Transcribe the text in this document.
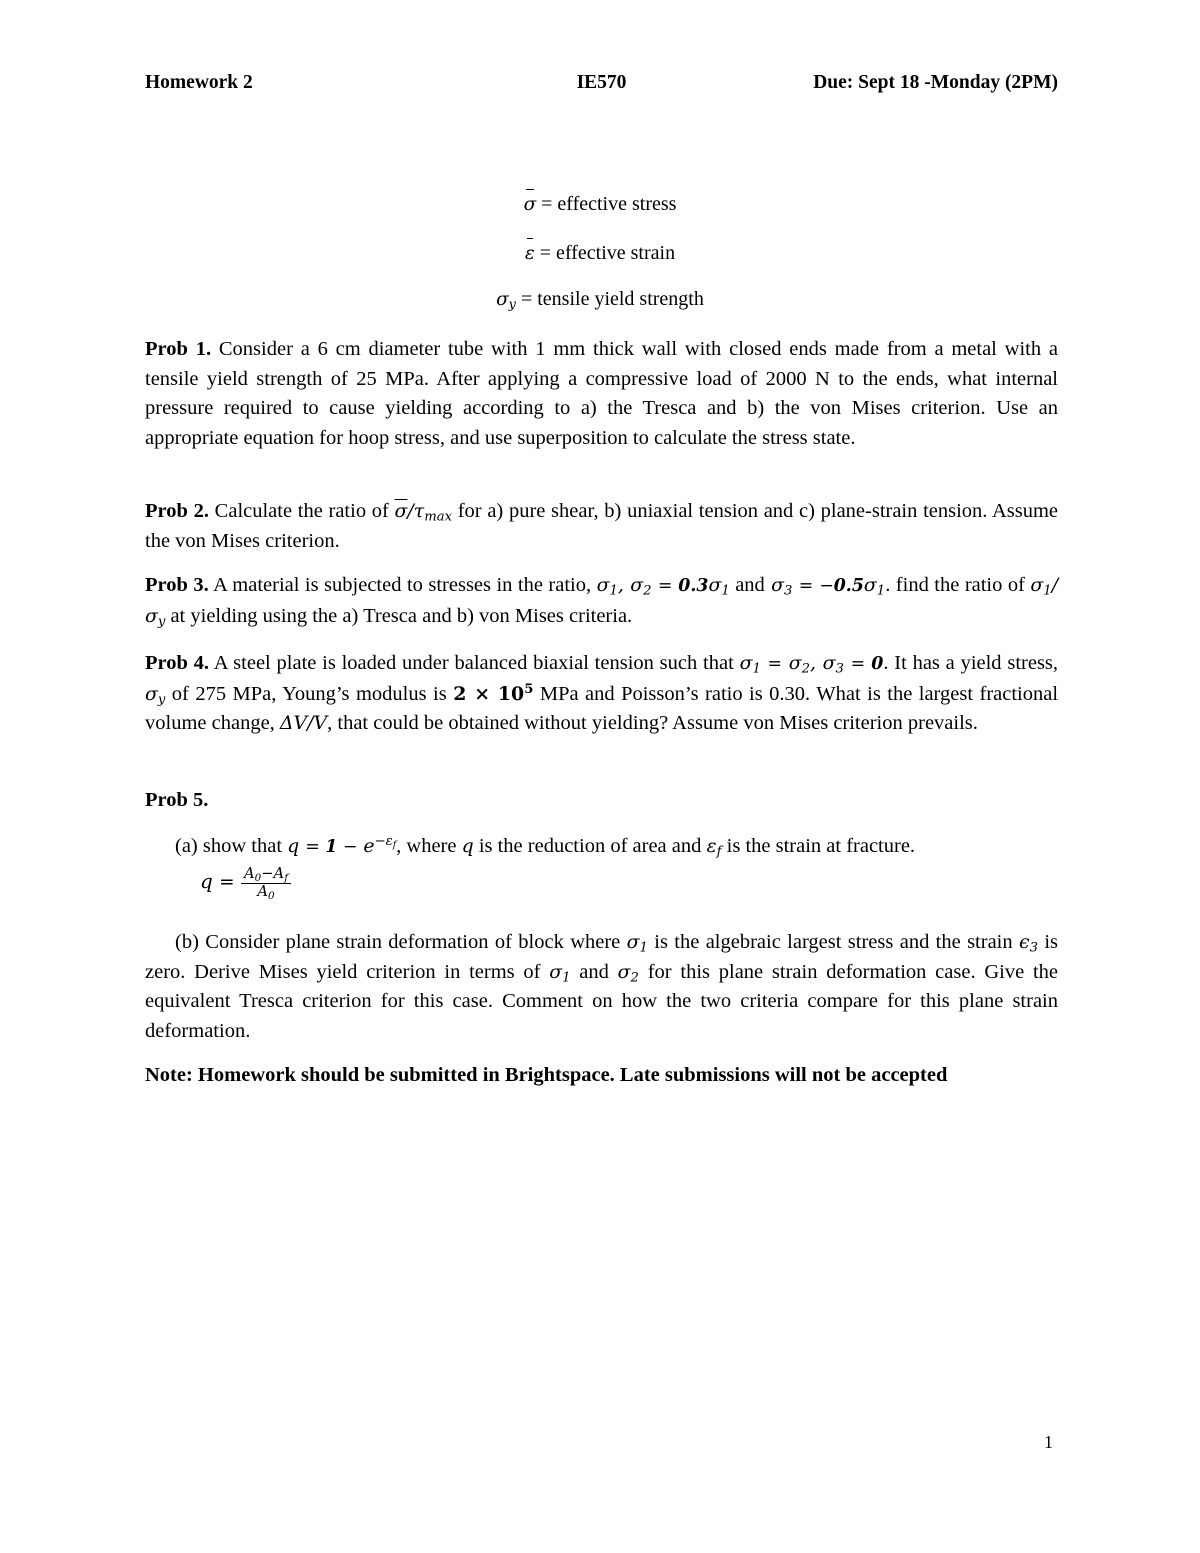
Homework 2	IE570	Due: Sept 18 -Monday (2PM)
σ = effective stress
ε = effective strain
$\sigma_y$ = tensile yield strength
Prob 1. Consider a 6 cm diameter tube with 1 mm thick wall with closed ends made from a metal with a tensile yield strength of 25 MPa. After applying a compressive load of 2000 N to the ends, what internal pressure required to cause yielding according to a) the Tresca and b) the von Mises criterion. Use an appropriate equation for hoop stress, and use superposition to calculate the stress state.
Prob 2. Calculate the ratio of $\overline{\sigma}/\tau_{max}$ for a) pure shear, b) uniaxial tension and c) plane-strain tension. Assume the von Mises criterion.
Prob 3. A material is subjected to stresses in the ratio, $\sigma_1$, $\sigma_2 = 0.3\sigma_1$ and $\sigma_3 = -0.5\sigma_1$. find the ratio of $\sigma_1/\sigma_y$ at yielding using the a) Tresca and b) von Mises criteria.
Prob 4. A steel plate is loaded under balanced biaxial tension such that $\sigma_1 = \sigma_2$, $\sigma_3 = 0$. It has a yield stress, $\sigma_y$ of 275 MPa, Young’s modulus is $2 \times 10^5$ MPa and Poisson’s ratio is 0.30. What is the largest fractional volume change, ΔV/V, that could be obtained without yielding? Assume von Mises criterion prevails.
Prob 5.
(a) show that $q = 1 - e^{-\varepsilon_f}$, where q is the reduction of area and $\varepsilon_f$ is the strain at fracture.
$q = \frac{A_0-A_f}{A_0}$
(b) Consider plane strain deformation of block where $\sigma_1$ is the algebraic largest stress and the strain $\epsilon_3$ is zero. Derive Mises yield criterion in terms of $\sigma_1$ and $\sigma_2$ for this plane strain deformation case. Give the equivalent Tresca criterion for this case. Comment on how the two criteria compare for this plane strain deformation.
Note: Homework should be submitted in Brightspace. Late submissions will not be accepted
1
